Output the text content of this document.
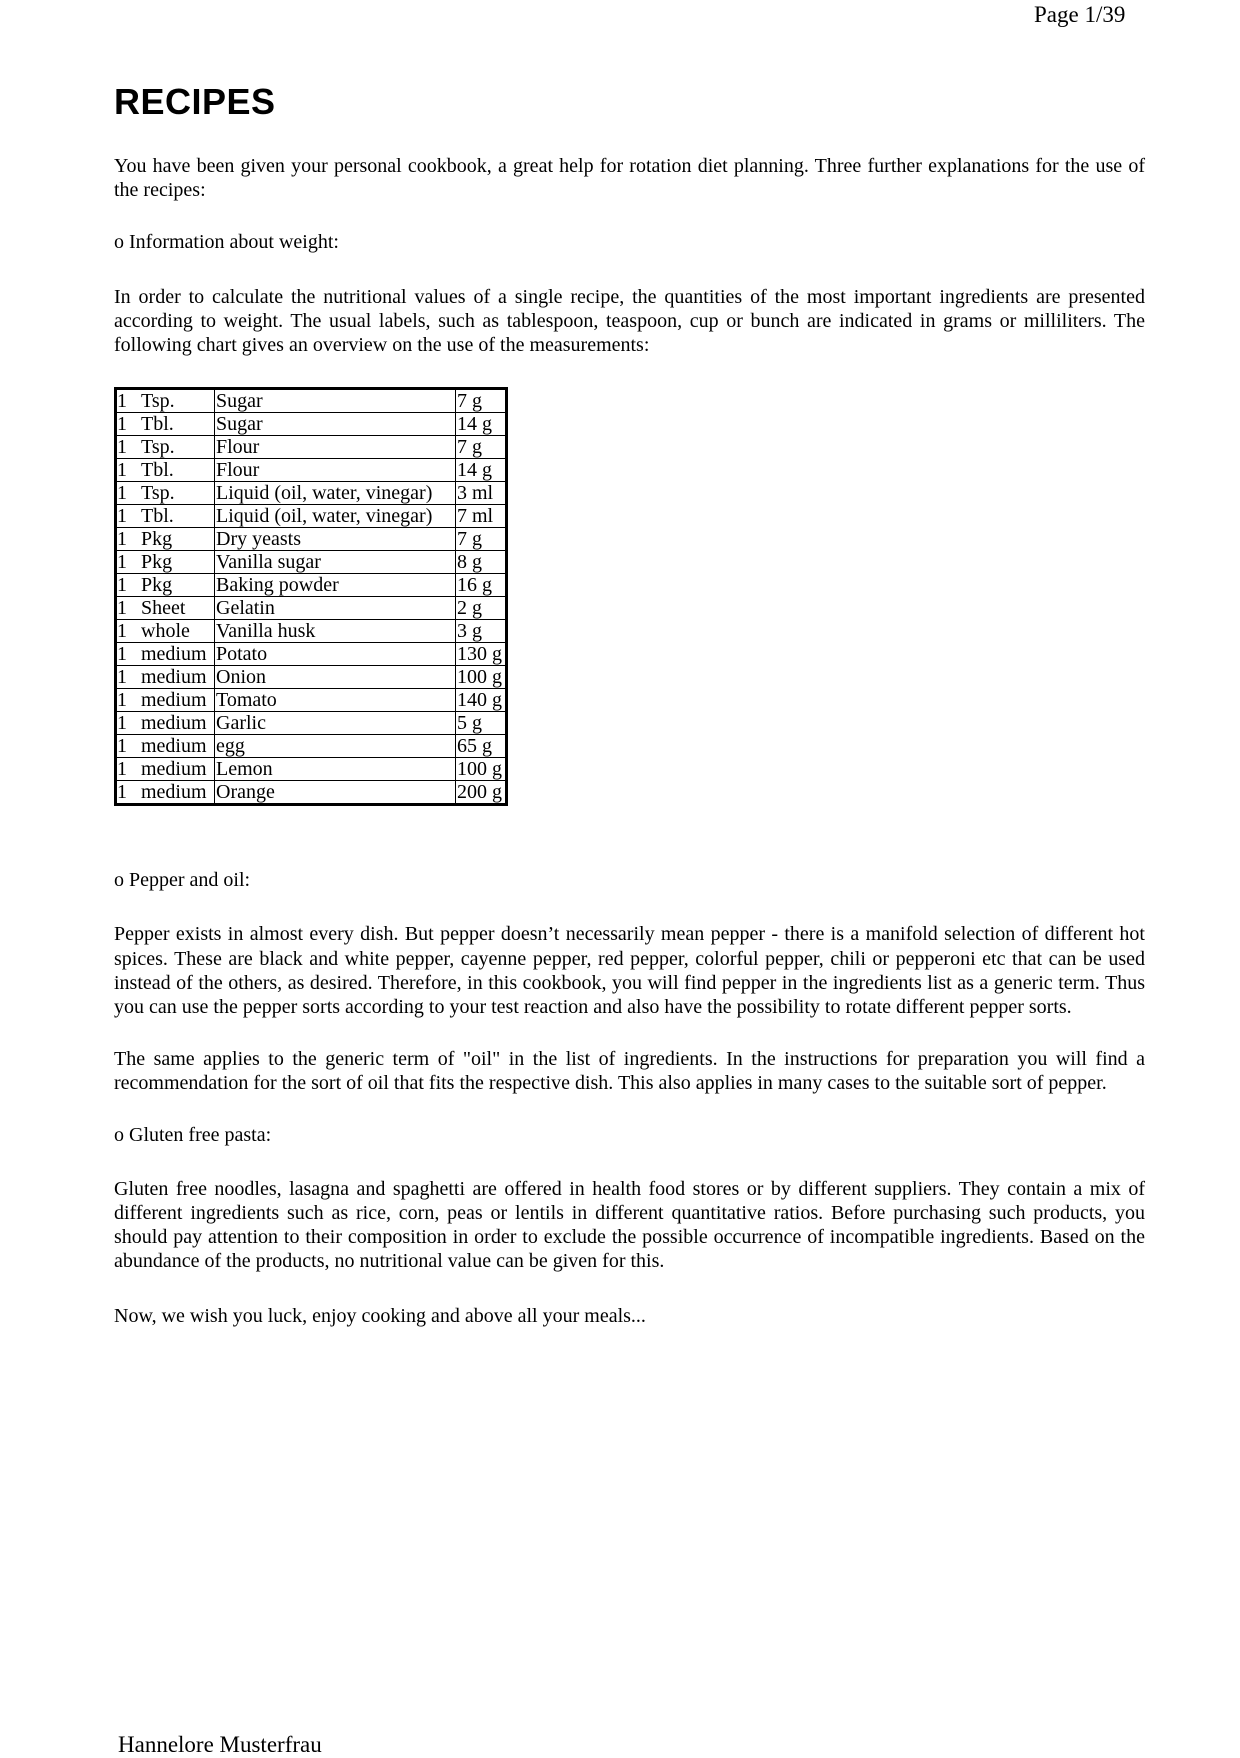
Page 1/39
RECIPES

You have been given your personal cookbook, a great help for rotation diet planning. Three further explanations for the use of the recipes:

o Information about weight:

In order to calculate the nutritional values of a single recipe, the quantities of the most important ingredients are presented according to weight. The usual labels, such as tablespoon, teaspoon, cup or bunch are indicated in grams or milliliters. The following chart gives an overview on the use of the measurements:

1	Tsp.	Sugar	7 g
1	Tbl.	Sugar	14 g
1	Tsp.	Flour	7 g
1	Tbl.	Flour	14 g
1	Tsp.	Liquid (oil, water, vinegar)	3 ml
1	Tbl.	Liquid (oil, water, vinegar)	7 ml
1	Pkg	Dry yeasts	7 g
1	Pkg	Vanilla sugar	8 g
1	Pkg	Baking powder	16 g
1	Sheet	Gelatin	2 g
1	whole	Vanilla husk	3 g
1	medium	Potato	130 g
1	medium	Onion	100 g
1	medium	Tomato	140 g
1	medium	Garlic	5 g
1	medium	egg	65 g
1	medium	Lemon	100 g
1	medium	Orange	200 g

o Pepper and oil:

Pepper exists in almost every dish. But pepper doesn’t necessarily mean pepper - there is a manifold selection of different hot spices. These are black and white pepper, cayenne pepper, red pepper, colorful pepper, chili or pepperoni etc that can be used instead of the others, as desired. Therefore, in this cookbook, you will find pepper in the ingredients list as a generic term. Thus you can use the pepper sorts according to your test reaction and also have the possibility to rotate different pepper sorts.

The same applies to the generic term of "oil" in the list of ingredients. In the instructions for preparation you will find a recommendation for the sort of oil that fits the respective dish. This also applies in many cases to the suitable sort of pepper.

o Gluten free pasta:

Gluten free noodles, lasagna and spaghetti are offered in health food stores or by different suppliers. They contain a mix of different ingredients such as rice, corn, peas or lentils in different quantitative ratios. Before purchasing such products, you should pay attention to their composition in order to exclude the possible occurrence of incompatible ingredients. Based on the abundance of the products, no nutritional value can be given for this.

Now, we wish you luck, enjoy cooking and above all your meals...

Hannelore Musterfrau
